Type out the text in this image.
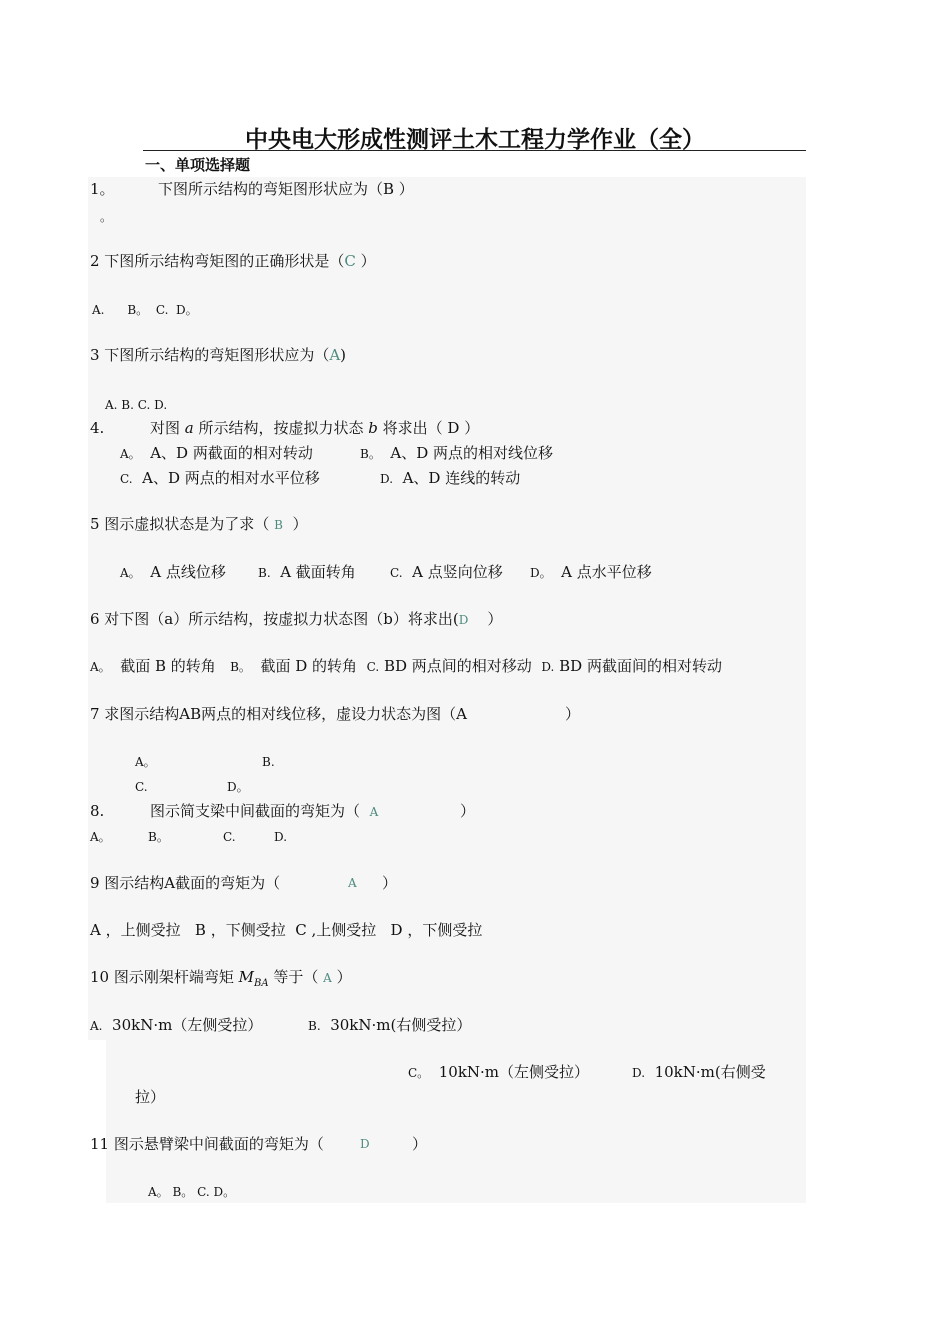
中央电大形成性测评土木工程力学作业（全）
一、单项选择题
1。	下图所示结构的弯矩图形状应为（B ）
。
2 下图所示结构弯矩图的正确形状是（C ）
A.      B。  C.  D。
3 下图所示结构的弯矩图形状应为（A)
A. B. C. D.
4.	对图 a 所示结构，按虚拟力状态 b 将求出（ D ）
A。 A、D 两截面的相对转动	B。 A、D 两点的相对线位移
C. A、D 两点的相对水平位移	D. A、D 连线的转动
5 图示虚拟状态是为了求（ B ）
A。 A 点线位移	B. A 截面转角	C. A 点竖向位移 D。 A 点水平位移
6 对下图（a）所示结构，按虚拟力状态图（b）将求出(D ）
A。 截面 B 的转角 B。 截面 D 的转角 C. BD 两点间的相对移动 D. BD 两截面间的相对转动
7 求图示结构AB两点的相对线位移，虚设力状态为图（A	）
A。	B.
C.	D。
8.	图示简支梁中间截面的弯矩为（ A	）
A。	B。	C.	D.
9 图示结构A截面的弯矩为（	A ）
A ，上侧受拉   B ，下侧受拉  C ,上侧受拉   D ，下侧受拉
10 图示刚架杆端弯矩 $M_{BA}$ 等于（ A ）
A. 30kN·m（左侧受拉）	B. 30kN·m(右侧受拉）
C。 10kN·m（左侧受拉）	D. 10kN·m(右侧受
拉）
11 图示悬臂梁中间截面的弯矩为（	D	）
A。 B。 C. D。
